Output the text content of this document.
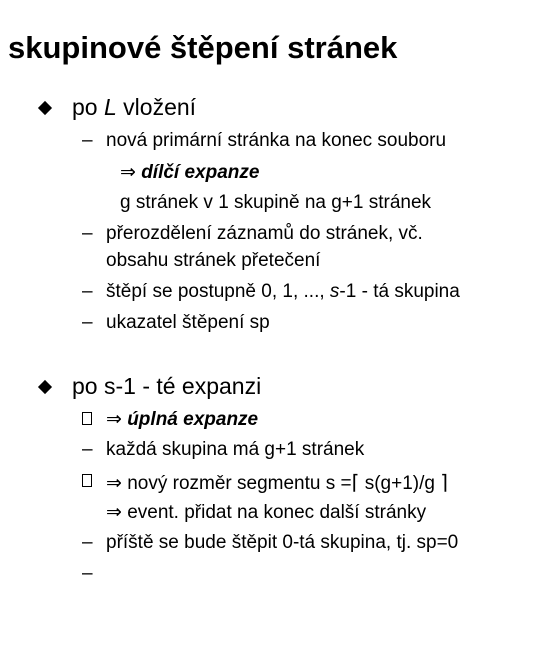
skupinové štěpení stránek
po L vložení
– nová primární stránka na konec souboru
⇒ dílčí expanze
g stránek v 1 skupině na g+1 stránek
– přerozdělení záznamů do stránek, vč.
obsahu stránek přetečení
– štěpí se postupně 0, 1, ..., s-1 - tá skupina
– ukazatel štěpení sp
po s-1 - té expanzi
⇒ úplná expanze
– každá skupina má g+1 stránek
⇒ nový rozměr segmentu s =⌈ s(g+1)/g ⌉
⇒ event. přidat na konec další stránky
– příště se bude štěpit 0-tá skupina, tj. sp=0
–
